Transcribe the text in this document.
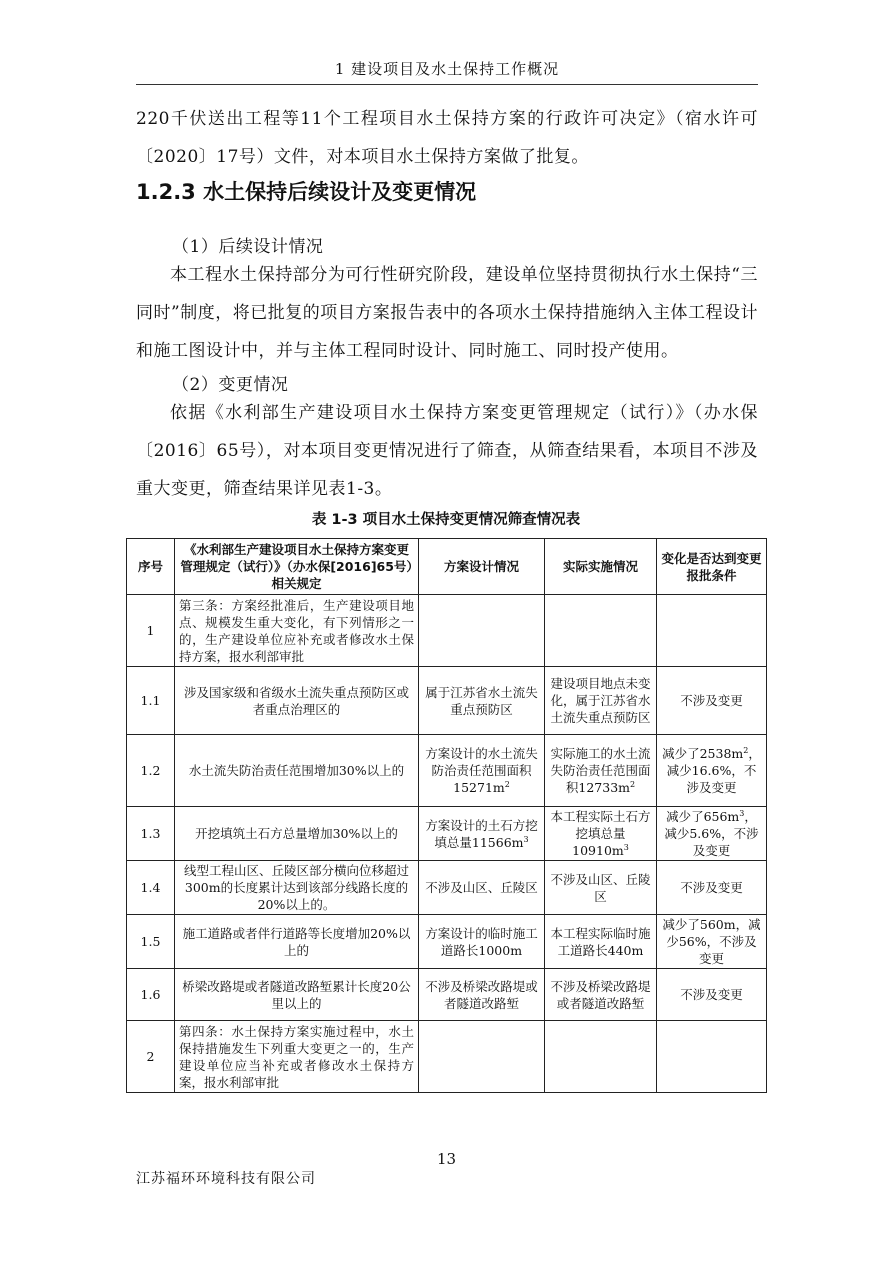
1 建设项目及水土保持工作概况

220千伏送出工程等11个工程项目水土保持方案的行政许可决定》（宿水许可〔2020〕17号）文件，对本项目水土保持方案做了批复。

1.2.3 水土保持后续设计及变更情况

（1）后续设计情况

本工程水土保持部分为可行性研究阶段，建设单位坚持贯彻执行水土保持“三同时”制度，将已批复的项目方案报告表中的各项水土保持措施纳入主体工程设计和施工图设计中，并与主体工程同时设计、同时施工、同时投产使用。

（2）变更情况

依据《水利部生产建设项目水土保持方案变更管理规定（试行）》（办水保〔2016〕65号），对本项目变更情况进行了筛查，从筛查结果看，本项目不涉及重大变更，筛查结果详见表1-3。

表 1-3 项目水土保持变更情况筛查情况表
序号	《水利部生产建设项目水土保持方案变更管理规定（试行）》（办水保[2016]65号）相关规定	方案设计情况	实际实施情况	变化是否达到变更报批条件
1	第三条：方案经批准后，生产建设项目地点、规模发生重大变化，有下列情形之一的，生产建设单位应补充或者修改水土保持方案，报水利部审批			
1.1	涉及国家级和省级水土流失重点预防区或者重点治理区的	属于江苏省水土流失重点预防区	建设项目地点未变化，属于江苏省水土流失重点预防区	不涉及变更
1.2	水土流失防治责任范围增加30%以上的	方案设计的水土流失防治责任范围面积$15271m^2$	实际施工的水土流失防治责任范围面积$12733m^2$	减少了$2538m^2$，减少16.6%，不涉及变更
1.3	开挖填筑土石方总量增加30%以上的	方案设计的土石方挖填总量$11566m^3$	本工程实际土石方挖填总量$10910m^3$	减少了$656m^3$，减少5.6%，不涉及变更
1.4	线型工程山区、丘陵区部分横向位移超过300m的长度累计达到该部分线路长度的20%以上的。	不涉及山区、丘陵区	不涉及山区、丘陵区	不涉及变更
1.5	施工道路或者伴行道路等长度增加20%以上的	方案设计的临时施工道路长1000m	本工程实际临时施工道路长440m	减少了560m，减少56%，不涉及变更
1.6	桥梁改路堤或者隧道改路堑累计长度20公里以上的	不涉及桥梁改路堤或者隧道改路堑	不涉及桥梁改路堤或者隧道改路堑	不涉及变更
2	第四条：水土保持方案实施过程中，水土保持措施发生下列重大变更之一的，生产建设单位应当补充或者修改水土保持方案，报水利部审批			
13
江苏福环环境科技有限公司
